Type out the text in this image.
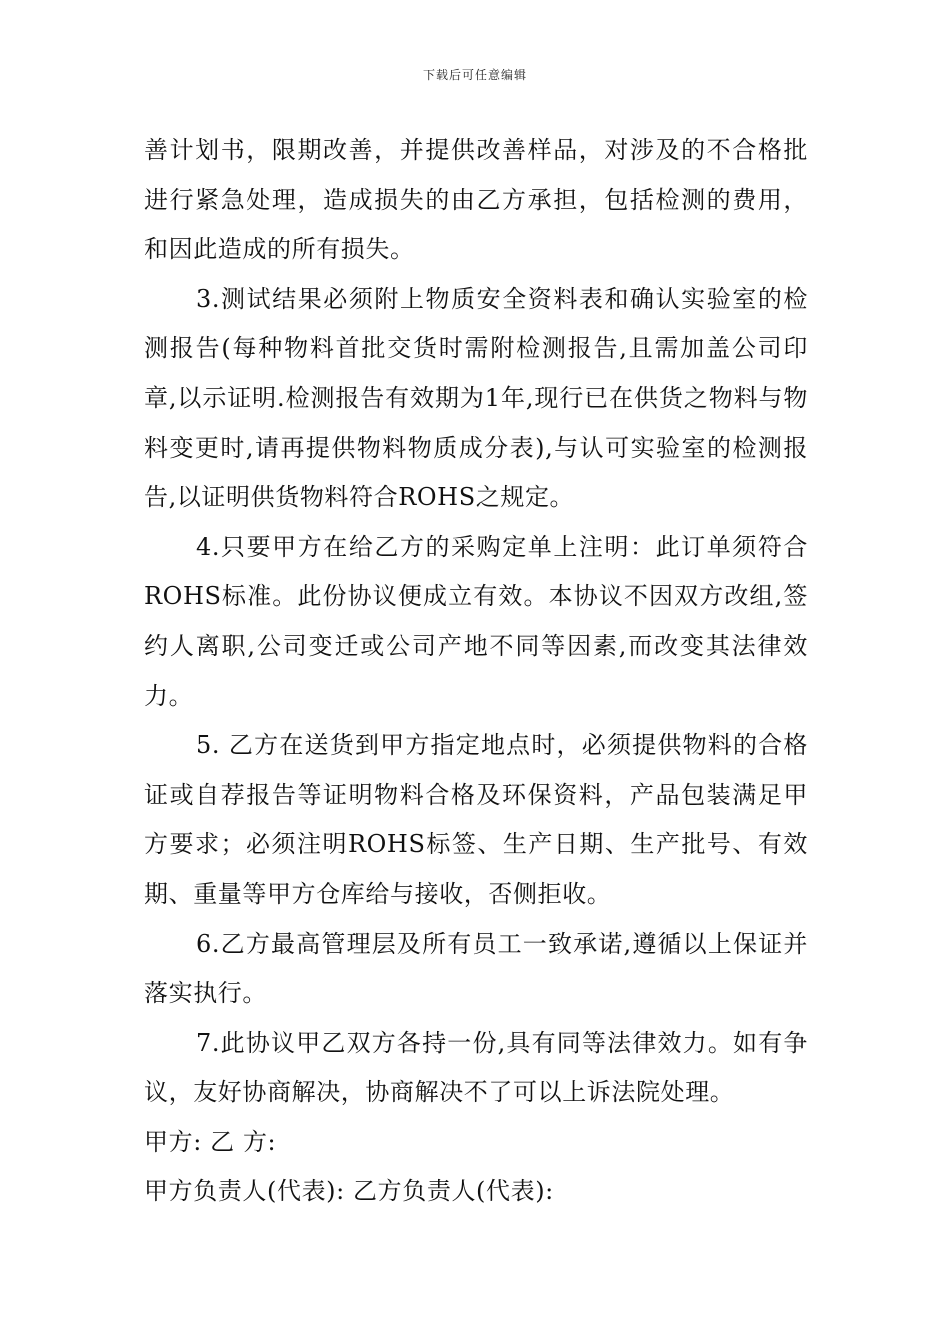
下载后可任意编辑

善计划书，限期改善，并提供改善样品，对涉及的不合格批进行紧急处理，造成损失的由乙方承担，包括检测的费用，和因此造成的所有损失。

3.测试结果必须附上物质安全资料表和确认实验室的检测报告(每种物料首批交货时需附检测报告,且需加盖公司印章,以示证明.检测报告有效期为1年,现行已在供货之物料与物料变更时,请再提供物料物质成分表),与认可实验室的检测报告,以证明供货物料符合ROHS之规定。

4.只要甲方在给乙方的采购定单上注明：此订单须符合ROHS标准。此份协议便成立有效。本协议不因双方改组,签约人离职,公司变迁或公司产地不同等因素,而改变其法律效力。

5. 乙方在送货到甲方指定地点时，必须提供物料的合格证或自荐报告等证明物料合格及环保资料，产品包装满足甲方要求；必须注明ROHS标签、生产日期、生产批号、有效期、重量等甲方仓库给与接收，否侧拒收。

6.乙方最高管理层及所有员工一致承诺,遵循以上保证并落实执行。

7.此协议甲乙双方各持一份,具有同等法律效力。如有争议，友好协商解决，协商解决不了可以上诉法院处理。

甲方: 乙 方:

甲方负责人(代表): 乙方负责人(代表):
